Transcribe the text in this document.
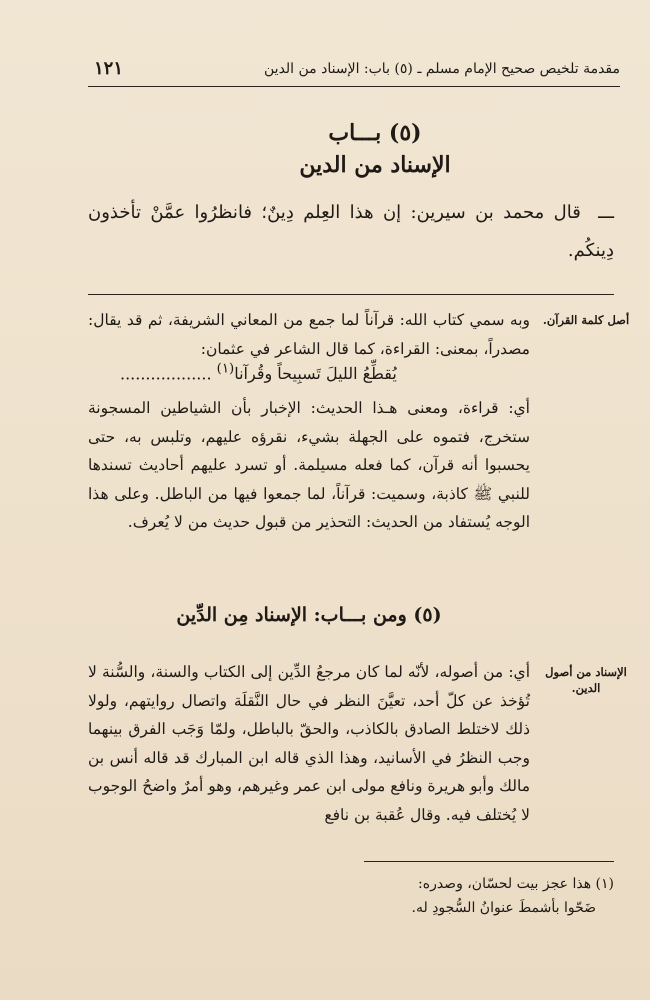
مقدمة تلخيص صحيح الإمام مسلم ـ (٥) باب: الإسناد من الدين
١٢١
(٥) بـــاب
الإسناد من الدين
ـــ قال محمد بن سيرين: إن هذا العِلم دِينٌ؛ فانظرُوا عمَّنْ تأخذون دِينكُم.
أصل كلمة القرآن.
وبه سمي كتاب الله: قرآناً لما جمع من المعاني الشريفة، ثم قد يقال: مصدراً، بمعنى: القراءة، كما قال الشاعر في عثمان:
.................. يُقطِّعُ الليلَ تَسبِيحاً وقُرآنا$^{(١)}$
أي: قراءة، ومعنى هـذا الحديث: الإخبار بأن الشياطين المسجونة ستخرج، فتموه على الجهلة بشيء، نقرؤه عليهم، وتلبس به، حتى يحسبوا أنه قرآن، كما فعله مسيلمة. أو تسرد عليهم أحاديث تسندها للنبي ﷺ كاذبة، وسميت: قرآناً، لما جمعوا فيها من الباطل. وعلى هذا الوجه يُستفاد من الحديث: التحذير من قبول حديث من لا يُعرف.
(٥) ومن بـــاب: الإسناد مِن الدِّين
الإسناد من أصول الدين.
أي: من أصوله، لأنّه لما كان مرجعُ الدِّين إلى الكتاب والسنة، والسُّنة لا تُؤخذ عن كلّ أحد، تعيَّنَ النظر في حال النَّقلَة واتصال روايتهم، ولولا ذلك لاختلط الصادق بالكاذب، والحقّ بالباطل، ولمّا وَجَب الفرق بينهما وجب النظرُ في الأسانيد، وهذا الذي قاله ابن المبارك قد قاله أنس بن مالك وأبو هريرة ونافع مولى ابن عمر وغيرهم، وهو أمرٌ واضحُ الوجوب لا يُختلف فيه. وقال عُقبة بن نافع
(١) هذا عجز بيت لحسّان، وصدره:
ضَحّوا بأشمطَ عنوانُ السُّجودِ له.
